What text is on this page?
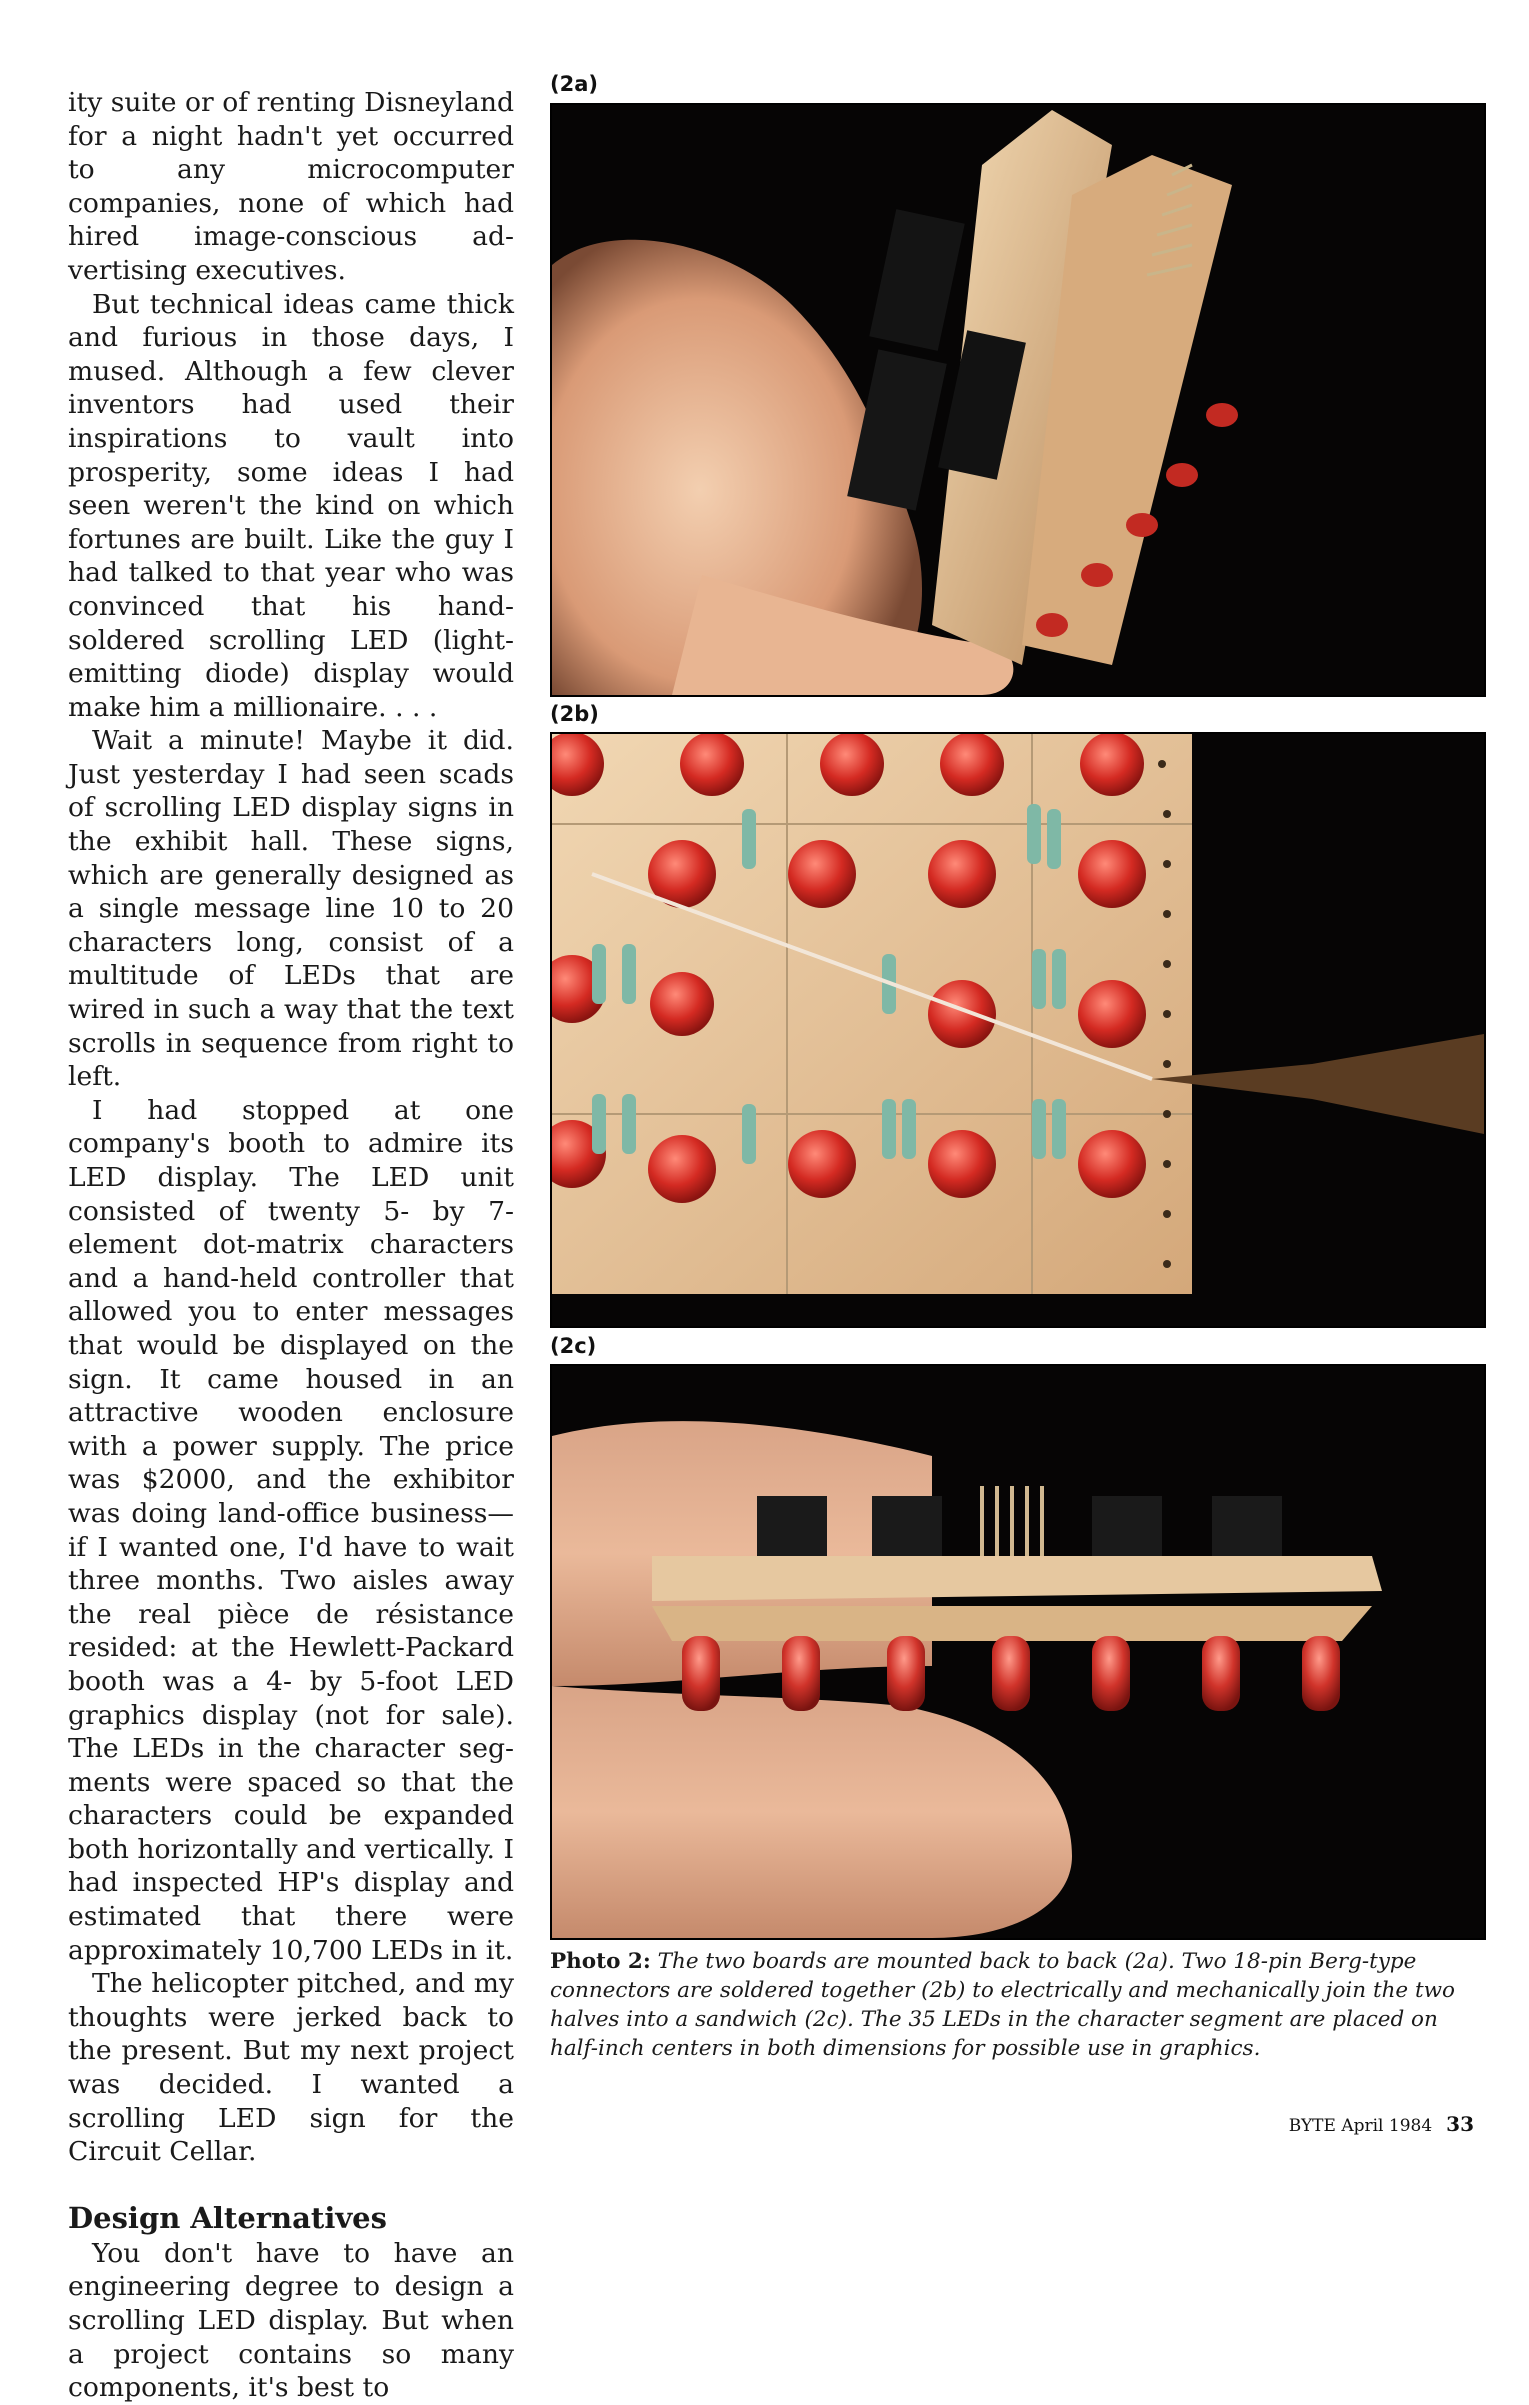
ity suite or of renting Disneyland for a night hadn't yet occurred to any microcomputer companies, none of which had hired image-conscious advertising executives.

But technical ideas came thick and furious in those days, I mused. Although a few clever inventors had used their inspirations to vault into prosperity, some ideas I had seen weren't the kind on which fortunes are built. Like the guy I had talked to that year who was convinced that his hand-soldered scrolling LED (light-emitting diode) display would make him a millionaire. . . .

Wait a minute! Maybe it did. Just yesterday I had seen scads of scrolling LED display signs in the exhibit hall. These signs, which are generally designed as a single message line 10 to 20 characters long, consist of a multitude of LEDs that are wired in such a way that the text scrolls in sequence from right to left.

I had stopped at one company's booth to admire its LED display. The LED unit consisted of twenty 5- by 7-element dot-matrix characters and a hand-held controller that allowed you to enter messages that would be displayed on the sign. It came housed in an attractive wooden enclosure with a power supply. The price was $2000, and the exhibitor was doing land-office business—if I wanted one, I'd have to wait three months. Two aisles away the real pièce de résistance resided: at the Hewlett-Packard booth was a 4- by 5-foot LED graphics display (not for sale). The LEDs in the character segments were spaced so that the characters could be expanded both horizontally and vertically. I had inspected HP's display and estimated that there were approximately 10,700 LEDs in it.

The helicopter pitched, and my thoughts were jerked back to the present. But my next project was decided. I wanted a scrolling LED sign for the Circuit Cellar.

Design Alternatives

You don't have to have an engineering degree to design a scrolling LED display. But when a project contains so many components, it's best to

(2a)
(2b)
(2c)
Photo 2: The two boards are mounted back to back (2a). Two 18-pin Berg-type connectors are soldered together (2b) to electrically and mechanically join the two halves into a sandwich (2c). The 35 LEDs in the character segment are placed on half-inch centers in both dimensions for possible use in graphics.
BYTE April 1984 33
